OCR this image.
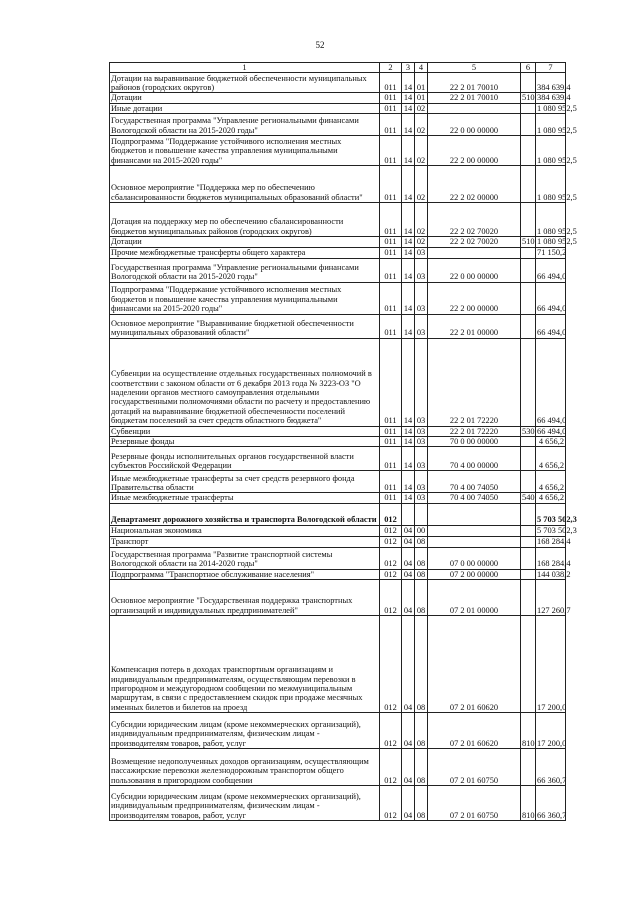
52
1	2	3	4	5	6	7
Дотации на выравнивание бюджетной обеспеченности муниципальных районов (городских округов)	011	14	01	22 2 01 70010		384 639,4
Дотации	011	14	01	22 2 01 70010	510	384 639,4
Иные дотации	011	14	02			1 080 952,5
Государственная программа "Управление региональными финансами Вологодской области на 2015-2020 годы"	011	14	02	22 0 00 00000		1 080 952,5
Подпрограмма "Поддержание устойчивого исполнения местных бюджетов и повышение качества управления муниципальными финансами на 2015-2020 годы"	011	14	02	22 2 00 00000		1 080 952,5
Основное мероприятие "Поддержка мер по обеспечению сбалансированности бюджетов муниципальных образований области"	011	14	02	22 2 02 00000		1 080 952,5
Дотация на поддержку мер по обеспечению сбалансированности бюджетов муниципальных районов (городских округов)	011	14	02	22 2 02 70020		1 080 952,5
Дотации	011	14	02	22 2 02 70020	510	1 080 952,5
Прочие межбюджетные трансферты общего характера	011	14	03			71 150,2
Государственная программа "Управление региональными финансами Вологодской области на 2015-2020 годы"	011	14	03	22 0 00 00000		66 494,0
Подпрограмма "Поддержание устойчивого исполнения местных бюджетов и повышение качества управления муниципальными финансами на 2015-2020 годы"	011	14	03	22 2 00 00000		66 494,0
Основное мероприятие "Выравнивание бюджетной обеспеченности муниципальных образований области"	011	14	03	22 2 01 00000		66 494,0
Субвенции на осуществление отдельных государственных полномочий в соответствии с законом области от 6 декабря 2013 года № 3223-ОЗ "О наделении органов местного самоуправления отдельными государственными полномочиями области по расчету и предоставлению дотаций на выравнивание бюджетной обеспеченности поселений бюджетам поселений за счет средств областного бюджета"	011	14	03	22 2 01 72220		66 494,0
Субвенции	011	14	03	22 2 01 72220	530	66 494,0
Резервные фонды	011	14	03	70 0 00 00000		4 656,2
Резервные фонды исполнительных органов государственной власти субъектов Российской Федерации	011	14	03	70 4 00 00000		4 656,2
Иные межбюджетные трансферты за счет средств резервного фонда Правительства области	011	14	03	70 4 00 74050		4 656,2
Иные межбюджетные трансферты	011	14	03	70 4 00 74050	540	4 656,2
Департамент дорожного хозяйства и транспорта Вологодской области	012					5 703 502,3
Национальная экономика	012	04	00			5 703 502,3
Транспорт	012	04	08			168 284,4
Государственная программа "Развитие транспортной системы Вологодской области на 2014-2020 годы"	012	04	08	07 0 00 00000		168 284,4
Подпрограмма "Транспортное обслуживание населения"	012	04	08	07 2 00 00000		144 038,2
Основное мероприятие "Государственная поддержка транспортных организаций и индивидуальных предпринимателей"	012	04	08	07 2 01 00000		127 260,7
Компенсация потерь в доходах транспортным организациям и индивидуальным предпринимателям, осуществляющим перевозки в пригородном и междугородном сообщении по межмуниципальным маршрутам, в связи с предоставлением скидок при продаже месячных именных билетов и билетов на проезд	012	04	08	07 2 01 60620		17 200,0
Субсидии юридическим лицам (кроме некоммерческих организаций), индивидуальным предпринимателям, физическим лицам - производителям товаров, работ, услуг	012	04	08	07 2 01 60620	810	17 200,0
Возмещение недополученных доходов организациям, осуществляющим пассажирские перевозки железнодорожным транспортом общего пользования в пригородном сообщении	012	04	08	07 2 01 60750		66 360,7
Субсидии юридическим лицам (кроме некоммерческих организаций), индивидуальным предпринимателям, физическим лицам - производителям товаров, работ, услуг	012	04	08	07 2 01 60750	810	66 360,7
